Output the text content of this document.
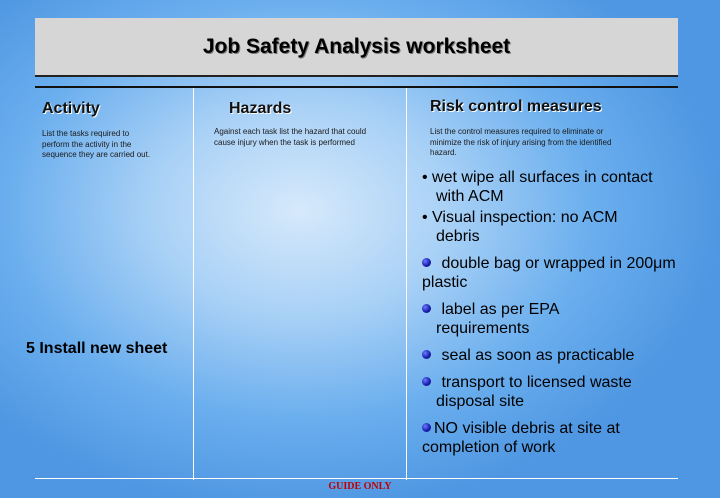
Job Safety Analysis worksheet
Activity
List the tasks required to perform the activity in the sequence they are carried out.
Hazards
Against each task list the hazard that could cause injury when the task is performed
Risk control measures
List the control measures required to eliminate or minimize the risk of injury arising from the identified hazard.
5 Install new sheet
• wet wipe all surfaces in contact
with ACM
• Visual inspection: no ACM
debris
double bag or wrapped in 200μm plastic
label as per EPA
requirements
seal as soon as practicable
transport to licensed waste
disposal site
NO visible debris at site at completion of work
GUIDE ONLY
